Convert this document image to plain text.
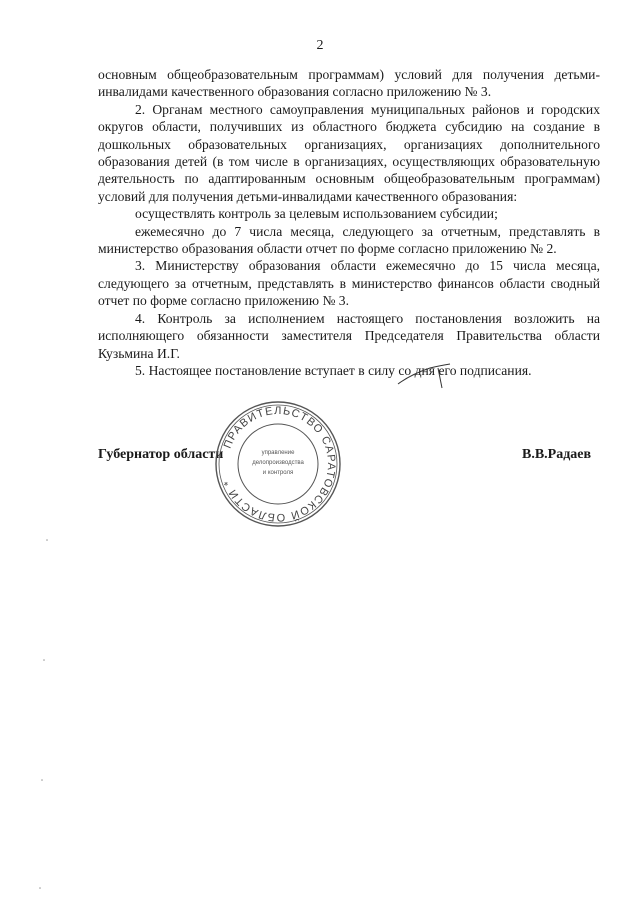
2

основным общеобразовательным программам) условий для получения детьми-инвалидами качественного образования согласно приложению № 3.

2. Органам местного самоуправления муниципальных районов и городских округов области, получивших из областного бюджета субсидию на создание в дошкольных образовательных организациях, организациях дополнительного образования детей (в том числе в организациях, осуществляющих образовательную деятельность по адаптированным основным общеобразовательным программам) условий для получения детьми-инвалидами качественного образования:

осуществлять контроль за целевым использованием субсидии;

ежемесячно до 7 числа месяца, следующего за отчетным, представлять в министерство образования области отчет по форме согласно приложению № 2.

3. Министерству образования области ежемесячно до 15 числа месяца, следующего за отчетным, представлять в министерство финансов области сводный отчет по форме согласно приложению № 3.

4. Контроль за исполнением настоящего постановления возложить на исполняющего обязанности заместителя Председателя Правительства области Кузьмина И.Г.

5. Настоящее постановление вступает в силу со дня его подписания.

Губернатор области	В.В.Радаев
ПРАВИТЕЛЬСТВО САРАТОВСКОЙ ОБЛАСТИ *
управление
делопроизводства
и контроля
